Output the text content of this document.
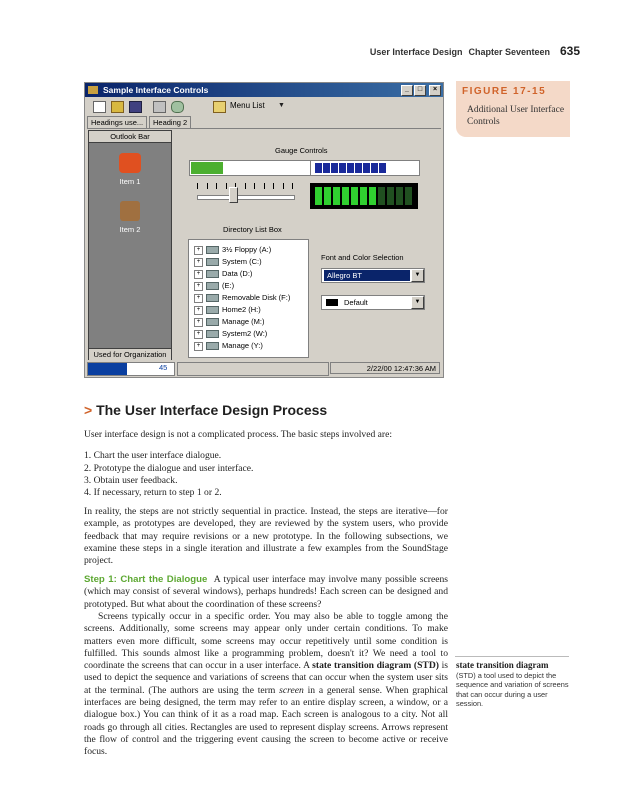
User Interface Design Chapter Seventeen 635
FIGURE 17-15
Additional User Interface Controls
Sample Interface Controls	_	□	×
Menu List ▼
Headings use...	Heading 2
Outlook Bar
Item 1
Item 2
Used for Organization
Gauge Controls
Directory List Box
+	3½ Floppy (A:)
+	System (C:)
+	Data (D:)
+	(E:)
+	Removable Disk (F:)
+	Home2 (H:)
+	Manage (M:)
+	System2 (W:)
+	Manage (Y:)
Font and Color Selection
Allegro BT	▼
Default	▼
45	2/22/00 12:47:36 AM
> The User Interface Design Process
User interface design is not a complicated process. The basic steps involved are:
1. Chart the user interface dialogue.
2. Prototype the dialogue and user interface.
3. Obtain user feedback.
4. If necessary, return to step 1 or 2.
In reality, the steps are not strictly sequential in practice. Instead, the steps are iterative—for example, as prototypes are developed, they are reviewed by the system users, who provide feedback that may require revisions or a new prototype. In the following subsections, we examine these steps in a single iteration and illustrate a few examples from the SoundStage project.
Step 1: Chart the Dialogue A typical user interface may involve many possible screens (which may consist of several windows), perhaps hundreds! Each screen can be designed and prototyped. But what about the coordination of these screens?
Screens typically occur in a specific order. You may also be able to toggle among the screens. Additionally, some screens may appear only under certain conditions. To make matters even more difficult, some screens may occur repetitively until some condition is fulfilled. This sounds almost like a programming problem, doesn't it? We need a tool to coordinate the screens that can occur in a user interface. A state transition diagram (STD) is used to depict the sequence and variations of screens that can occur when the system user sits at the terminal. (The authors are using the term screen in a general sense. When graphical interfaces are being designed, the term may refer to an entire display screen, a window, or a dialogue box.) You can think of it as a road map. Each screen is analogous to a city. Not all roads go through all cities. Rectangles are used to represent display screens. Arrows represent the flow of control and the triggering event causing the screen to become active or receive focus.
state transition diagram
(STD) a tool used to depict the sequence and variation of screens that can occur during a user session.
